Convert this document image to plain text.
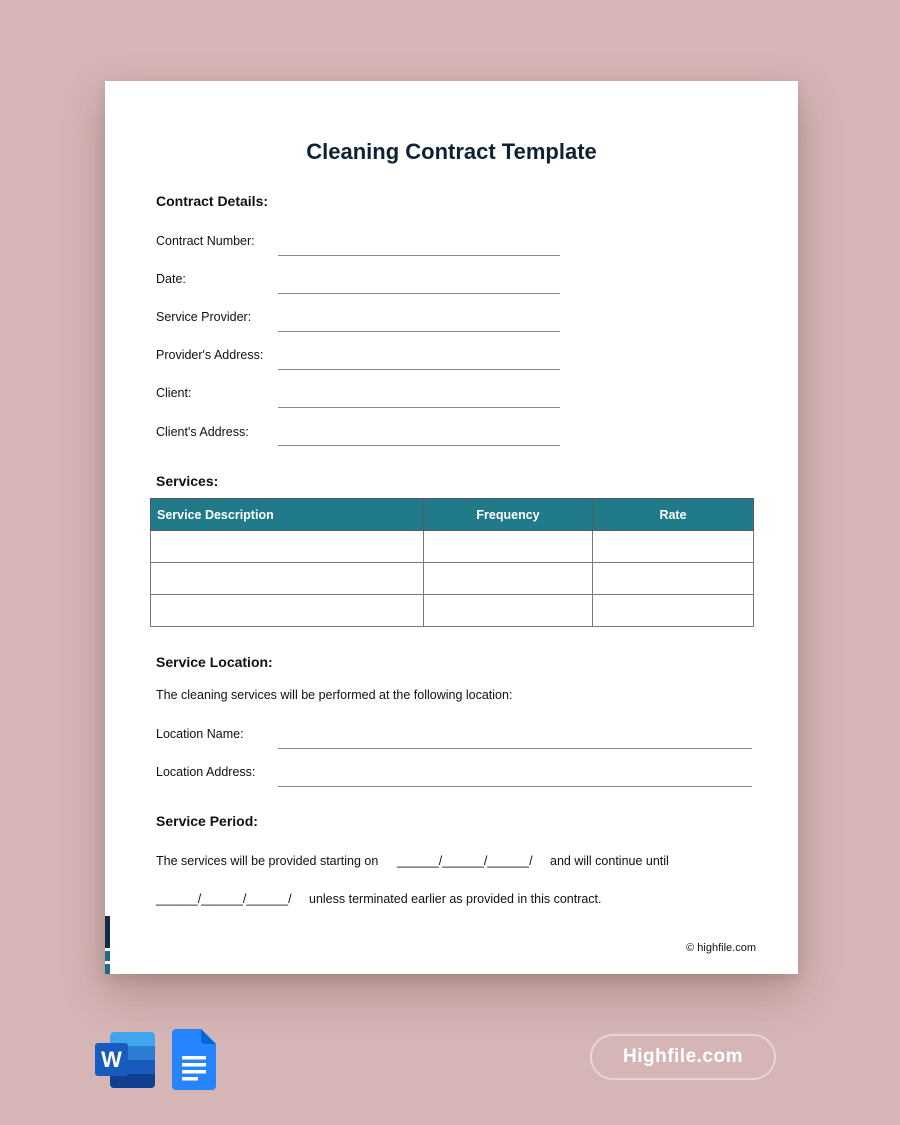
Cleaning Contract Template
Contract Details:
Contract Number:
Date:
Service Provider:
Provider's Address:
Client:
Client's Address:
Services:
Service Description	Frequency	Rate

Service Location:
The cleaning services will be performed at the following location:
Location Name:
Location Address:
Service Period:
The services will be provided starting on ______/______/______/ and will continue until
______/______/______/ unless terminated earlier as provided in this contract.
© highfile.com
W	Highfile.com
